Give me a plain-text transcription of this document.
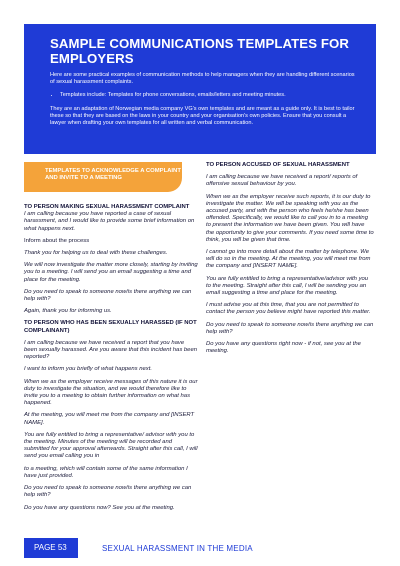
SAMPLE COMMUNICATIONS TEMPLATES FOR EMPLOYERS

Here are some practical examples of communication methods to help managers when they are handling different scenarios of sexual harassment complaints.

• Templates include: Templates for phone conversations, emails/letters and meeting minutes.

They are an adaptation of Norwegian media company VG's own templates and are meant as a guide only. It is best to tailor these so that they are based on the laws in your country and your organisation's own policies. Ensure that you consult a lawyer when drafting your own templates for all written and verbal communication.

TEMPLATES TO ACKNOWLEDGE A COMPLAINT AND INVITE TO A MEETING

TO PERSON MAKING SEXUAL HARASSMENT COMPLAINT

I am calling because you have reported a case of sexual harassment, and I would like to provide some brief information on what happens next.

Inform about the process

Thank you for helping us to deal with these challenges.

We will now investigate the matter more closely, starting by inviting you to a meeting. I will send you an email suggesting a time and place for the meeting.

Do you need to speak to someone now/is there anything we can help with?

Again, thank you for informing us.

TO PERSON WHO HAS BEEN SEXUALLY HARASSED (IF NOT COMPLAINANT)

I am calling because we have received a report that you have been sexually harassed. Are you aware that this incident has been reported?

I want to inform you briefly of what happens next.

When we as the employer receive messages of this nature it is our duty to investigate the situation, and we would therefore like to invite you to a meeting to obtain further information on what has happened.

At the meeting, you will meet me from the company and [INSERT NAME].

You are fully entitled to bring a representative/ advisor with you to the meeting. Minutes of the meeting will be recorded and submitted for your approval afterwards. Straight after this call, I will send you email calling you in

to a meeting, which will contain some of the same information I have just provided.

Do you need to speak to someone now/is there anything we can help with?

Do you have any questions now? See you at the meeting.

TO PERSON ACCUSED OF SEXUAL HARASSMENT

I am calling because we have received a report/ reports of offensive sexual behaviour by you.

When we as the employer receive such reports, it is our duty to investigate the matter. We will be speaking with you as the accused party, and with the person who feels he/she has been offended. Specifically, we would like to call you in to a meeting to present the information we have been given. You will have the opportunity to give your comments. If you need some time to think, you will be given that time.

I cannot go into more detail about the matter by telephone. We will do so in the meeting. At the meeting, you will meet me from the company and [INSERT NAME].

You are fully entitled to bring a representative/advisor with you to the meeting. Straight after this call, I will be sending you an email suggesting a time and place for the meeting.

I must advise you at this time, that you are not permitted to contact the person you believe might have reported this matter.

Do you need to speak to someone now/is there anything we can help with?

Do you have any questions right now - if not, see you at the meeting.

PAGE 53	SEXUAL HARASSMENT IN THE MEDIA
